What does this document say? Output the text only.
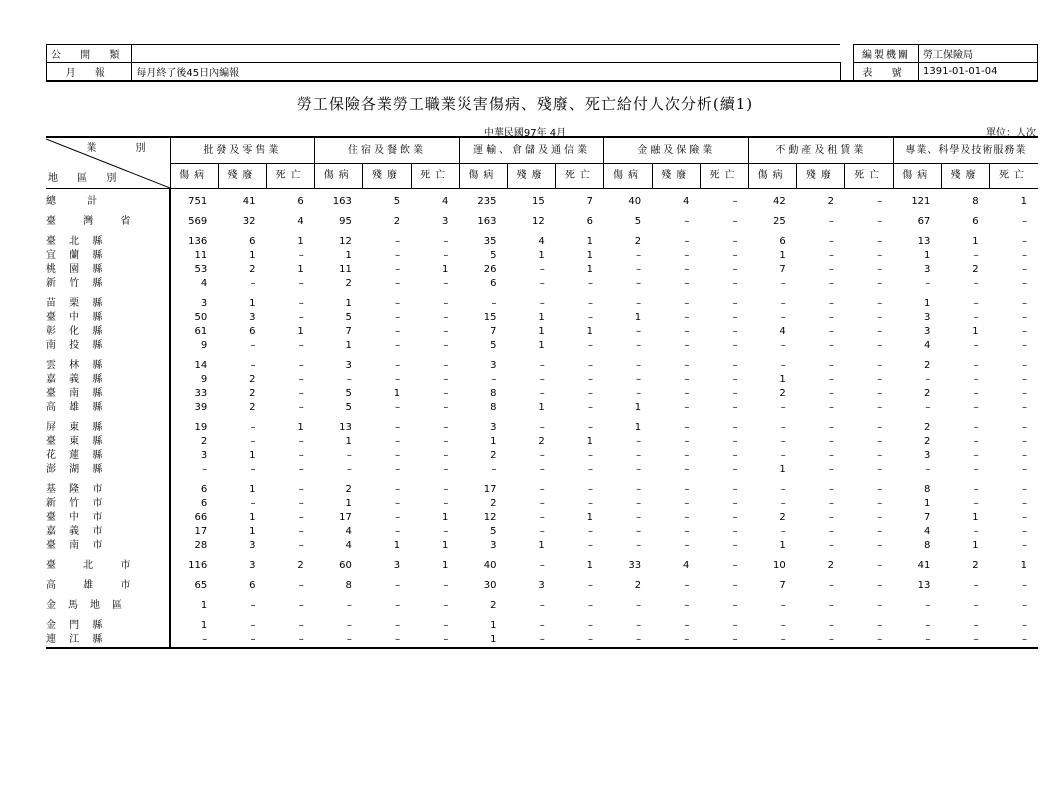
公 開 類	
月 報	每月終了後45日內編報
編製機關	勞工保險局
表 號	1391-01-01-04
勞工保險各業勞工職業災害傷病、殘廢、死亡給付人次分析(續1)
中華民國97年 4月	單位：人次
業 別
地 區 別	批發及零售業			住宿及餐飲業			運輸、倉儲及通信業			金融及保險業			不動產及租賃業			專業、科學及技術服務業		
	傷病	殘廢	死亡	傷病	殘廢	死亡	傷病	殘廢	死亡	傷病	殘廢	死亡	傷病	殘廢	死亡	傷病	殘廢	死亡

總 計	751	41	6	163	5	4	235	15	7	40	4	–	42	2	–	121	8	1

臺 灣 省	569	32	4	95	2	3	163	12	6	5	–	–	25	–	–	67	6	–

臺 北 縣	136	6	1	12	–	–	35	4	1	2	–	–	6	–	–	13	1	–
宜 蘭 縣	11	1	–	1	–	–	5	1	1	–	–	–	1	–	–	1	–	–
桃 園 縣	53	2	1	11	–	1	26	–	1	–	–	–	7	–	–	3	2	–
新 竹 縣	4	–	–	2	–	–	6	–	–	–	–	–	–	–	–	–	–	–

苗 栗 縣	3	1	–	1	–	–	–	–	–	–	–	–	–	–	–	1	–	–
臺 中 縣	50	3	–	5	–	–	15	1	–	1	–	–	–	–	–	3	–	–
彰 化 縣	61	6	1	7	–	–	7	1	1	–	–	–	4	–	–	3	1	–
南 投 縣	9	–	–	1	–	–	5	1	–	–	–	–	–	–	–	4	–	–

雲 林 縣	14	–	–	3	–	–	3	–	–	–	–	–	–	–	–	2	–	–
嘉 義 縣	9	2	–	–	–	–	–	–	–	–	–	–	1	–	–	–	–	–
臺 南 縣	33	2	–	5	1	–	8	–	–	–	–	–	2	–	–	2	–	–
高 雄 縣	39	2	–	5	–	–	8	1	–	1	–	–	–	–	–	–	–	–

屏 東 縣	19	–	1	13	–	–	3	–	–	1	–	–	–	–	–	2	–	–
臺 東 縣	2	–	–	1	–	–	1	2	1	–	–	–	–	–	–	2	–	–
花 蓮 縣	3	1	–	–	–	–	2	–	–	–	–	–	–	–	–	3	–	–
澎 湖 縣	–	–	–	–	–	–	–	–	–	–	–	–	1	–	–	–	–	–

基 隆 市	6	1	–	2	–	–	17	–	–	–	–	–	–	–	–	8	–	–
新 竹 市	6	–	–	1	–	–	2	–	–	–	–	–	–	–	–	1	–	–
臺 中 市	66	1	–	17	–	1	12	–	1	–	–	–	2	–	–	7	1	–
嘉 義 市	17	1	–	4	–	–	5	–	–	–	–	–	–	–	–	4	–	–
臺 南 市	28	3	–	4	1	1	3	1	–	–	–	–	1	–	–	8	1	–

臺 北 市	116	3	2	60	3	1	40	–	1	33	4	–	10	2	–	41	2	1

高 雄 市	65	6	–	8	–	–	30	3	–	2	–	–	7	–	–	13	–	–

金馬地區	1	–	–	–	–	–	2	–	–	–	–	–	–	–	–	–	–	–

金 門 縣	1	–	–	–	–	–	1	–	–	–	–	–	–	–	–	–	–	–
連 江 縣	–	–	–	–	–	–	1	–	–	–	–	–	–	–	–	–	–	–
